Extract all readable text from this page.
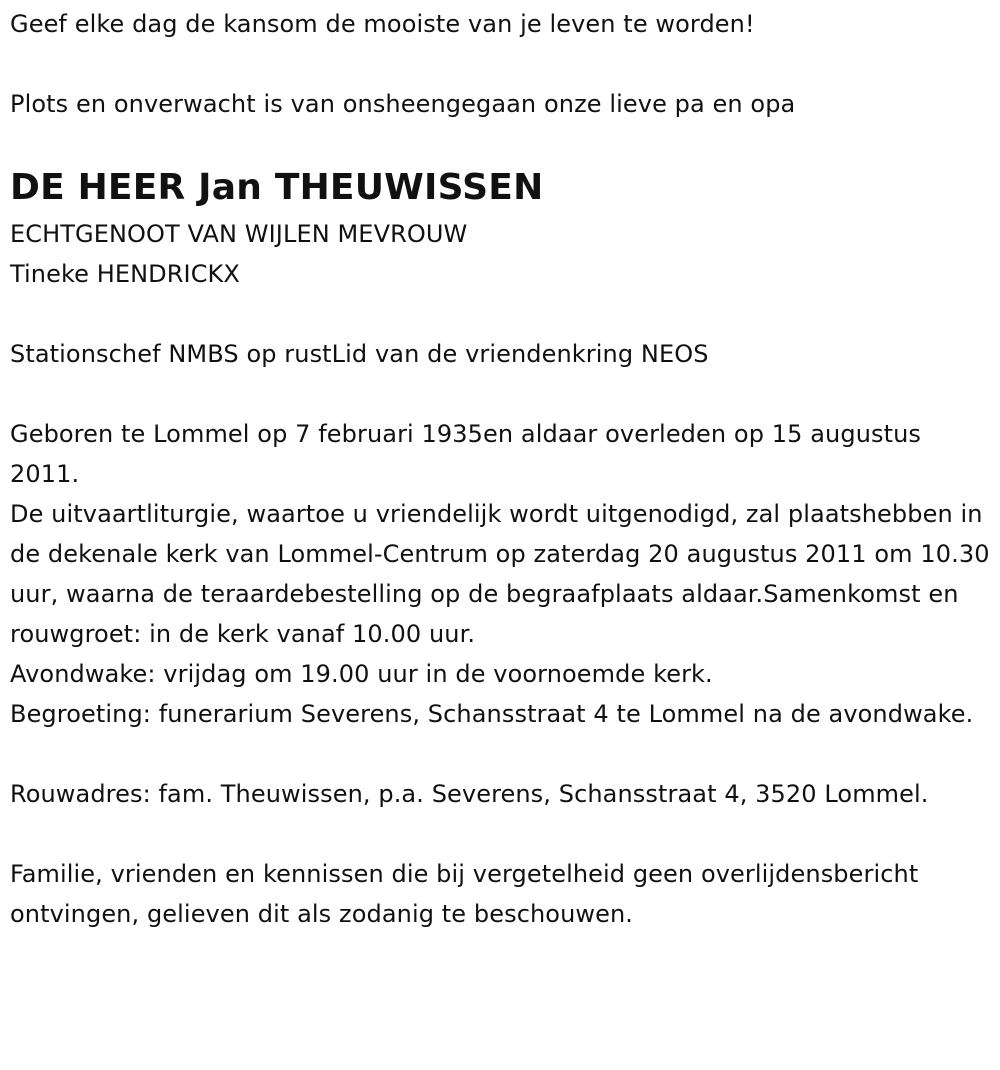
Geef elke dag de kansom de mooiste van je leven te worden!

Plots en onverwacht is van onsheengegaan onze lieve pa en opa

DE HEER Jan THEUWISSEN

ECHTGENOOT VAN WIJLEN MEVROUW

Tineke HENDRICKX

Stationschef NMBS op rustLid van de vriendenkring NEOS

Geboren te Lommel op 7 februari 1935en aldaar overleden op 15 augustus 2011.

De uitvaartliturgie, waartoe u vriendelijk wordt uitgenodigd, zal plaatshebben in de dekenale kerk van Lommel-Centrum op zaterdag 20 augustus 2011 om 10.30 uur, waarna de teraardebestelling op de begraafplaats aldaar.Samenkomst en rouwgroet: in de kerk vanaf 10.00 uur.

Avondwake: vrijdag om 19.00 uur in de voornoemde kerk.

Begroeting: funerarium Severens, Schansstraat 4 te Lommel na de avondwake.

Rouwadres: fam. Theuwissen, p.a. Severens, Schansstraat 4, 3520 Lommel.

Familie, vrienden en kennissen die bij vergetelheid geen overlijdensbericht ontvingen, gelieven dit als zodanig te beschouwen.
